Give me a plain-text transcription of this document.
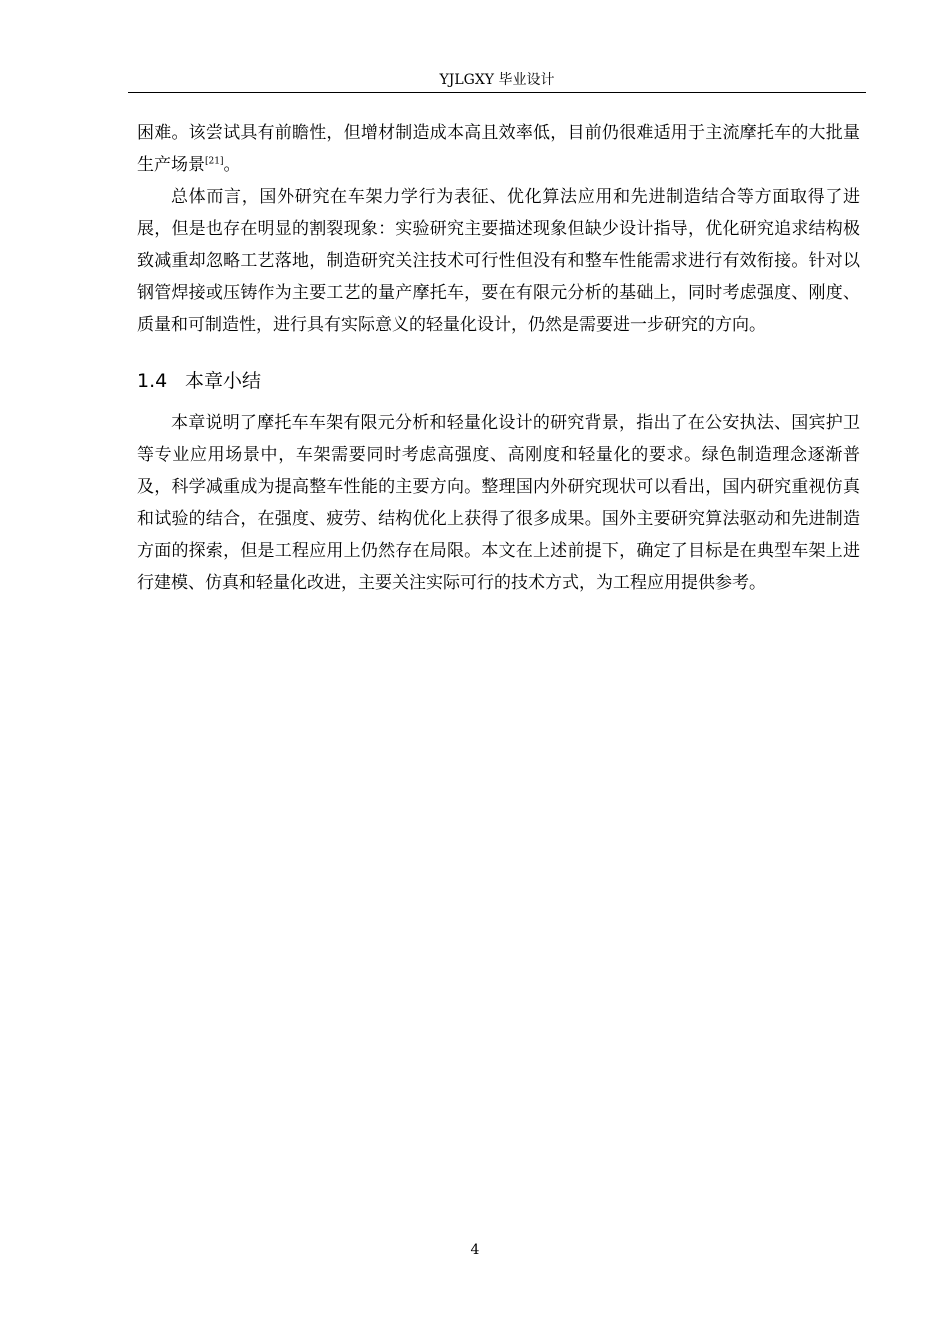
YJLGXY 毕业设计

困难。该尝试具有前瞻性，但增材制造成本高且效率低，目前仍很难适用于主流摩托车的大批量生产场景[21]。

总体而言，国外研究在车架力学行为表征、优化算法应用和先进制造结合等方面取得了进展，但是也存在明显的割裂现象：实验研究主要描述现象但缺少设计指导，优化研究追求结构极致减重却忽略工艺落地，制造研究关注技术可行性但没有和整车性能需求进行有效衔接。针对以钢管焊接或压铸作为主要工艺的量产摩托车，要在有限元分析的基础上，同时考虑强度、刚度、质量和可制造性，进行具有实际意义的轻量化设计，仍然是需要进一步研究的方向。

1.4 本章小结

本章说明了摩托车车架有限元分析和轻量化设计的研究背景，指出了在公安执法、国宾护卫等专业应用场景中，车架需要同时考虑高强度、高刚度和轻量化的要求。绿色制造理念逐渐普及，科学减重成为提高整车性能的主要方向。整理国内外研究现状可以看出，国内研究重视仿真和试验的结合，在强度、疲劳、结构优化上获得了很多成果。国外主要研究算法驱动和先进制造方面的探索，但是工程应用上仍然存在局限。本文在上述前提下，确定了目标是在典型车架上进行建模、仿真和轻量化改进，主要关注实际可行的技术方式，为工程应用提供参考。

4
